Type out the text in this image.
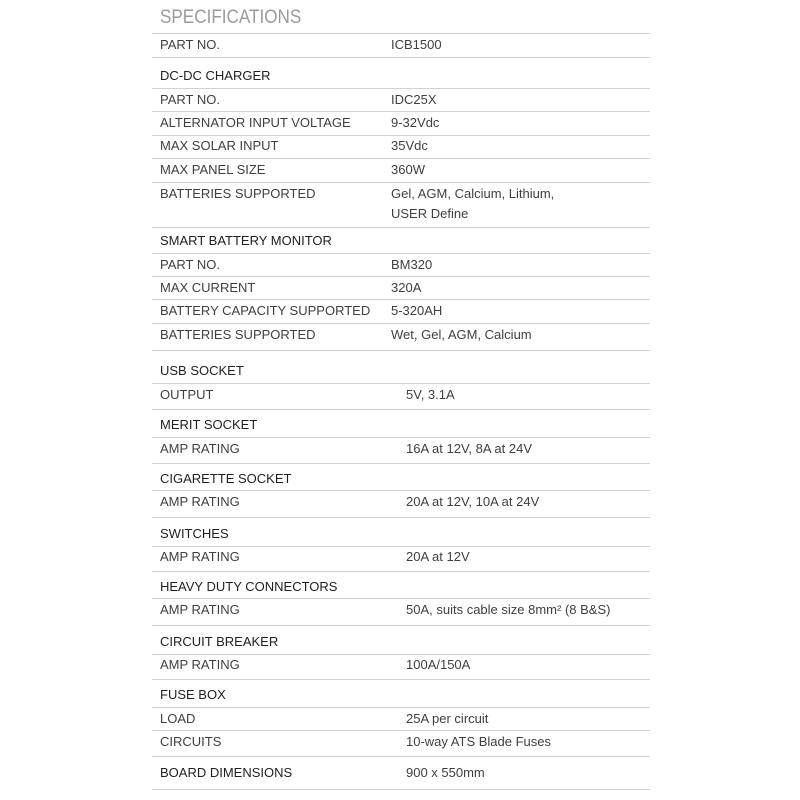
SPECIFICATIONS
PART NO.	ICB1500
DC-DC CHARGER
PART NO.	IDC25X
ALTERNATOR INPUT VOLTAGE	9-32Vdc
MAX SOLAR INPUT	35Vdc
MAX PANEL SIZE	360W
BATTERIES SUPPORTED	Gel, AGM, Calcium, Lithium,
USER Define
SMART BATTERY MONITOR
PART NO.	BM320
MAX CURRENT	320A
BATTERY CAPACITY SUPPORTED 5-320AH
BATTERIES SUPPORTED	Wet, Gel, AGM, Calcium
USB SOCKET
OUTPUT	5V, 3.1A
MERIT SOCKET
AMP RATING	16A at 12V, 8A at 24V
CIGARETTE SOCKET
AMP RATING	20A at 12V, 10A at 24V
SWITCHES
AMP RATING	20A at 12V
HEAVY DUTY CONNECTORS
AMP RATING	50A, suits cable size 8mm² (8 B&S)
CIRCUIT BREAKER
AMP RATING	100A/150A
FUSE BOX
LOAD	25A per circuit
CIRCUITS	10-way ATS Blade Fuses
BOARD DIMENSIONS	900 x 550mm
